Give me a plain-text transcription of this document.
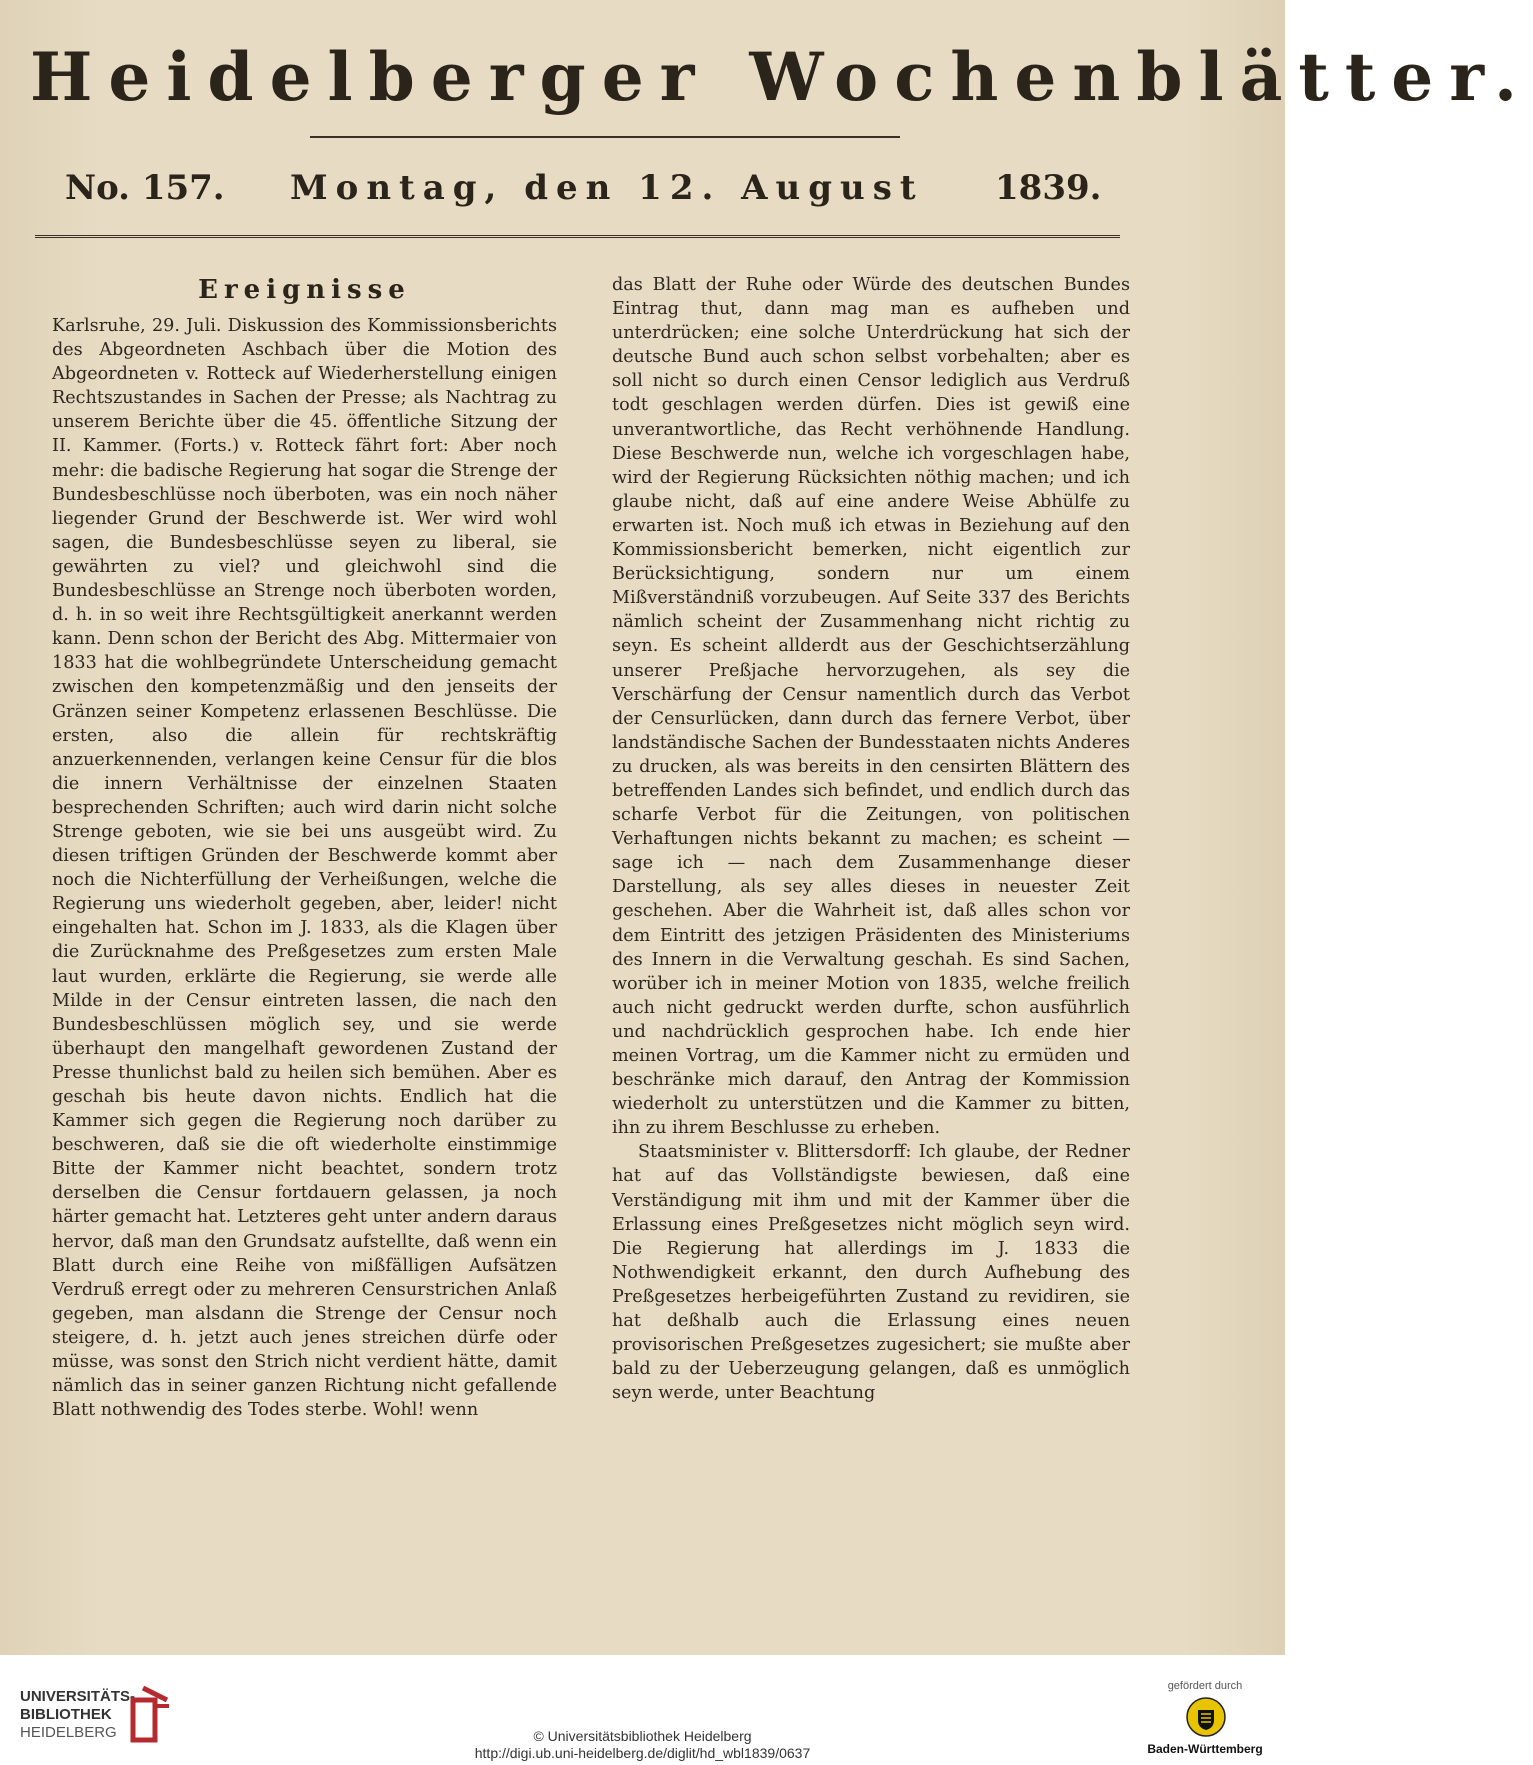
Heidelberger Wochenblätter.
No. 157. Montag, den 12. August 1839.
Ereignisse

Karlsruhe, 29. Juli. Diskussion des Kommissionsberichts des Abgeordneten Aschbach über die Motion des Abgeordneten v. Rotteck auf Wiederherstellung einigen Rechtszustandes in Sachen der Presse; als Nachtrag zu unserem Berichte über die 45. öffentliche Sitzung der II. Kammer. (Forts.) v. Rotteck fährt fort: Aber noch mehr: die badische Regierung hat sogar die Strenge der Bundesbeschlüsse noch überboten, was ein noch näher liegender Grund der Beschwerde ist. Wer wird wohl sagen, die Bundesbeschlüsse seyen zu liberal, sie gewährten zu viel? und gleichwohl sind die Bundesbeschlüsse an Strenge noch überboten worden, d. h. in so weit ihre Rechtsgültigkeit anerkannt werden kann. Denn schon der Bericht des Abg. Mittermaier von 1833 hat die wohlbegründete Unterscheidung gemacht zwischen den kompetenzmäßig und den jenseits der Gränzen seiner Kompetenz erlassenen Beschlüsse. Die ersten, also die allein für rechtskräftig anzuerkennenden, verlangen keine Censur für die blos die innern Verhältnisse der einzelnen Staaten besprechenden Schriften; auch wird darin nicht solche Strenge geboten, wie sie bei uns ausgeübt wird. Zu diesen triftigen Gründen der Beschwerde kommt aber noch die Nichterfüllung der Verheißungen, welche die Regierung uns wiederholt gegeben, aber, leider! nicht eingehalten hat. Schon im J. 1833, als die Klagen über die Zurücknahme des Preßgesetzes zum ersten Male laut wurden, erklärte die Regierung, sie werde alle Milde in der Censur eintreten lassen, die nach den Bundesbeschlüssen möglich sey, und sie werde überhaupt den mangelhaft gewordenen Zustand der Presse thunlichst bald zu heilen sich bemühen. Aber es geschah bis heute davon nichts. Endlich hat die Kammer sich gegen die Regierung noch darüber zu beschweren, daß sie die oft wiederholte einstimmige Bitte der Kammer nicht beachtet, sondern trotz derselben die Censur fortdauern gelassen, ja noch härter gemacht hat. Letzteres geht unter andern daraus hervor, daß man den Grundsatz aufstellte, daß wenn ein Blatt durch eine Reihe von mißfälligen Aufsätzen Verdruß erregt oder zu mehreren Censurstrichen Anlaß gegeben, man alsdann die Strenge der Censur noch steigere, d. h. jetzt auch jenes streichen dürfe oder müsse, was sonst den Strich nicht verdient hätte, damit nämlich das in seiner ganzen Richtung nicht gefallende Blatt nothwendig des Todes sterbe. Wohl! wenn

das Blatt der Ruhe oder Würde des deutschen Bundes Eintrag thut, dann mag man es aufheben und unterdrücken; eine solche Unterdrückung hat sich der deutsche Bund auch schon selbst vorbehalten; aber es soll nicht so durch einen Censor lediglich aus Verdruß todt geschlagen werden dürfen. Dies ist gewiß eine unverantwortliche, das Recht verhöhnende Handlung. Diese Beschwerde nun, welche ich vorgeschlagen habe, wird der Regierung Rücksichten nöthig machen; und ich glaube nicht, daß auf eine andere Weise Abhülfe zu erwarten ist. Noch muß ich etwas in Beziehung auf den Kommissionsbericht bemerken, nicht eigentlich zur Berücksichtigung, sondern nur um einem Mißverständniß vorzubeugen. Auf Seite 337 des Berichts nämlich scheint der Zusammenhang nicht richtig zu seyn. Es scheint allderdt aus der Geschichtserzählung unserer Preßjache hervorzugehen, als sey die Verschärfung der Censur namentlich durch das Verbot der Censurlücken, dann durch das fernere Verbot, über landständische Sachen der Bundesstaaten nichts Anderes zu drucken, als was bereits in den censirten Blättern des betreffenden Landes sich befindet, und endlich durch das scharfe Verbot für die Zeitungen, von politischen Verhaftungen nichts bekannt zu machen; es scheint — sage ich — nach dem Zusammenhange dieser Darstellung, als sey alles dieses in neuester Zeit geschehen. Aber die Wahrheit ist, daß alles schon vor dem Eintritt des jetzigen Präsidenten des Ministeriums des Innern in die Verwaltung geschah. Es sind Sachen, worüber ich in meiner Motion von 1835, welche freilich auch nicht gedruckt werden durfte, schon ausführlich und nachdrücklich gesprochen habe. Ich ende hier meinen Vortrag, um die Kammer nicht zu ermüden und beschränke mich darauf, den Antrag der Kommission wiederholt zu unterstützen und die Kammer zu bitten, ihn zu ihrem Beschlusse zu erheben.

Staatsminister v. Blittersdorff: Ich glaube, der Redner hat auf das Vollständigste bewiesen, daß eine Verständigung mit ihm und mit der Kammer über die Erlassung eines Preßgesetzes nicht möglich seyn wird. Die Regierung hat allerdings im J. 1833 die Nothwendigkeit erkannt, den durch Aufhebung des Preßgesetzes herbeigeführten Zustand zu revidiren, sie hat deßhalb auch die Erlassung eines neuen provisorischen Preßgesetzes zugesichert; sie mußte aber bald zu der Ueberzeugung gelangen, daß es unmöglich seyn werde, unter Beachtung

UNIVERSITÄTS-
BIBLIOTHEK
HEIDELBERG	© Universitätsbibliothek Heidelberg
http://digi.ub.uni-heidelberg.de/diglit/hd_wbl1839/0637
gefördert durch
Baden-Württemberg
